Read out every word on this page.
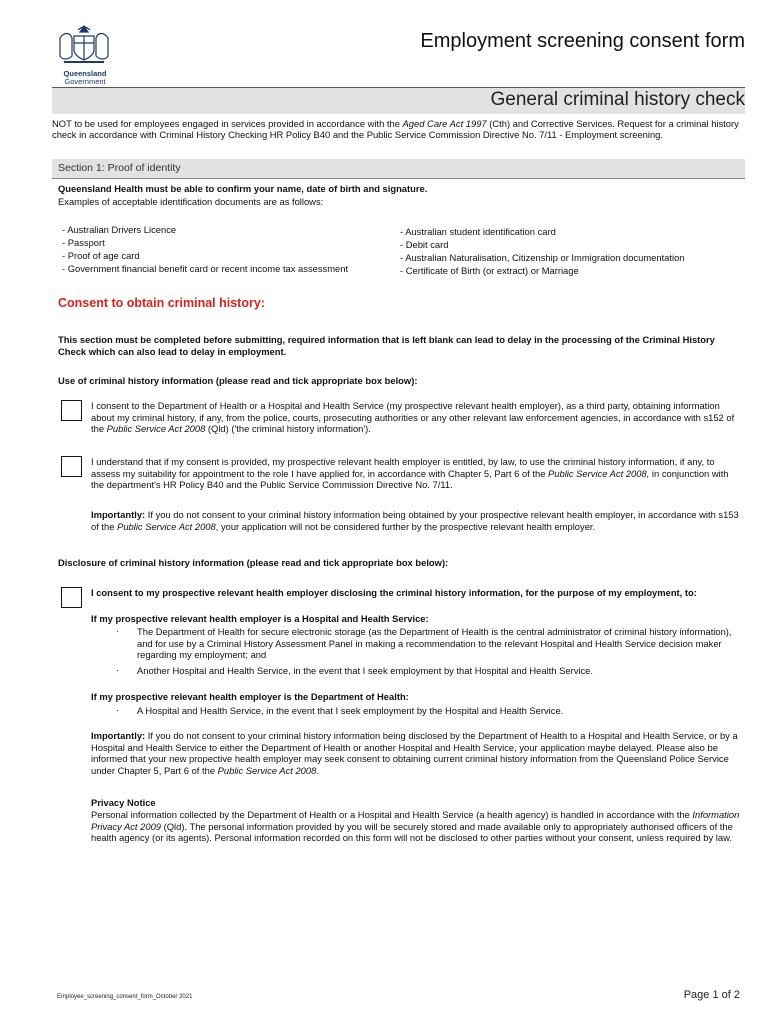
Queensland
Government
Employment screening consent form
General criminal history check
NOT to be used for employees engaged in services provided in accordance with the Aged Care Act 1997 (Cth) and Corrective Services. Request for a criminal history check in accordance with Criminal History Checking HR Policy B40 and the Public Service Commission Directive No. 7/11 - Employment screening.
Section 1: Proof of identity
Queensland Health must be able to confirm your name, date of birth and signature.
Examples of acceptable identification documents are as follows:
- Australian Drivers Licence
- Passport
- Proof of age card
- Government financial benefit card or recent income tax assessment
- Australian student identification card
- Debit card
- Australian Naturalisation, Citizenship or Immigration documentation
- Certificate of Birth (or extract) or Marriage
Consent to obtain criminal history:
This section must be completed before submitting, required information that is left blank can lead to delay in the processing of the Criminal History Check which can also lead to delay in employment.
Use of criminal history information (please read and tick appropriate box below):
I consent to the Department of Health or a Hospital and Health Service (my prospective relevant health employer), as a third party, obtaining information about my criminal history, if any, from the police, courts, prosecuting authorities or any other relevant law enforcement agencies, in accordance with s152 of the Public Service Act 2008 (Qld) ('the criminal history information').
I understand that if my consent is provided, my prospective relevant health employer is entitled, by law, to use the criminal history information, if any, to assess my suitability for appointment to the role I have applied for, in accordance with Chapter 5, Part 6 of the Public Service Act 2008, in conjunction with the department's HR Policy B40 and the Public Service Commission Directive No. 7/11.
Importantly: If you do not consent to your criminal history information being obtained by your prospective relevant health employer, in accordance with s153 of the Public Service Act 2008, your application will not be considered further by the prospective relevant health employer.
Disclosure of criminal history information (please read and tick appropriate box below):
I consent to my prospective relevant health employer disclosing the criminal history information, for the purpose of my employment, to:
If my prospective relevant health employer is a Hospital and Health Service:
· The Department of Health for secure electronic storage (as the Department of Health is the central administrator of criminal history information), and for use by a Criminal History Assessment Panel in making a recommendation to the relevant Hospital and Health Service decision maker regarding my employment; and
· Another Hospital and Health Service, in the event that I seek employment by that Hospital and Health Service.
If my prospective relevant health employer is the Department of Health:
· A Hospital and Health Service, in the event that I seek employment by the Hospital and Health Service.
Importantly: If you do not consent to your criminal history information being disclosed by the Department of Health to a Hospital and Health Service, or by a Hospital and Health Service to either the Department of Health or another Hospital and Health Service, your application maybe delayed. Please also be informed that your new propective health employer may seek consent to obtaining current criminal history information from the Queensland Police Service under Chapter 5, Part 6 of the Public Service Act 2008.
Privacy Notice
Personal information collected by the Department of Health or a Hospital and Health Service (a health agency) is handled in accordance with the Information Privacy Act 2009 (Qld). The personal information provided by you will be securely stored and made available only to appropriately authorised officers of the health agency (or its agents). Personal information recorded on this form will not be disclosed to other parties without your consent, unless required by law.
Employee_screening_consent_form_October 2021	Page 1 of 2
